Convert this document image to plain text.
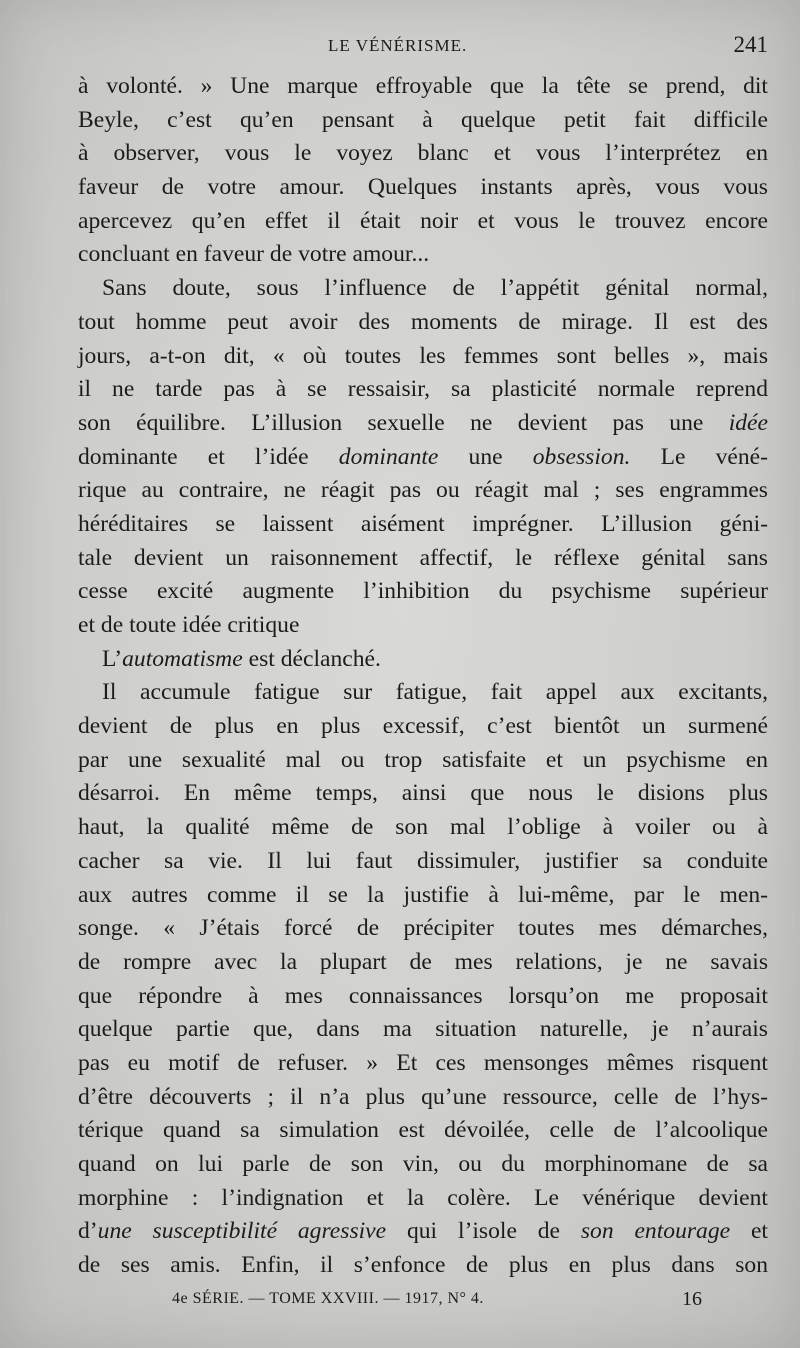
LE VÉNÉRISME.	241
à volonté. » Une marque effroyable que la tête se prend, dit
Beyle, c’est qu’en pensant à quelque petit fait difficile
à observer, vous le voyez blanc et vous l’interprétez en
faveur de votre amour. Quelques instants après, vous vous
apercevez qu’en effet il était noir et vous le trouvez encore
concluant en faveur de votre amour...
Sans doute, sous l’influence de l’appétit génital normal,
tout homme peut avoir des moments de mirage. Il est des
jours, a-t-on dit, « où toutes les femmes sont belles », mais
il ne tarde pas à se ressaisir, sa plasticité normale reprend
son équilibre. L’illusion sexuelle ne devient pas une idée
dominante et l’idée dominante une obsession. Le véné-
rique au contraire, ne réagit pas ou réagit mal ; ses engrammes
héréditaires se laissent aisément imprégner. L’illusion géni-
tale devient un raisonnement affectif, le réflexe génital sans
cesse excité augmente l’inhibition du psychisme supérieur
et de toute idée critique
L’automatisme est déclanché.
Il accumule fatigue sur fatigue, fait appel aux excitants,
devient de plus en plus excessif, c’est bientôt un surmené
par une sexualité mal ou trop satisfaite et un psychisme en
désarroi. En même temps, ainsi que nous le disions plus
haut, la qualité même de son mal l’oblige à voiler ou à
cacher sa vie. Il lui faut dissimuler, justifier sa conduite
aux autres comme il se la justifie à lui-même, par le men-
songe. « J’étais forcé de précipiter toutes mes démarches,
de rompre avec la plupart de mes relations, je ne savais
que répondre à mes connaissances lorsqu’on me proposait
quelque partie que, dans ma situation naturelle, je n’aurais
pas eu motif de refuser. » Et ces mensonges mêmes risquent
d’être découverts ; il n’a plus qu’une ressource, celle de l’hys-
térique quand sa simulation est dévoilée, celle de l’alcoolique
quand on lui parle de son vin, ou du morphinomane de sa
morphine : l’indignation et la colère. Le vénérique devient
d’une susceptibilité agressive qui l’isole de son entourage et
de ses amis. Enfin, il s’enfonce de plus en plus dans son
4e SÉRIE. — TOME XXVIII. — 1917, N° 4.	16
